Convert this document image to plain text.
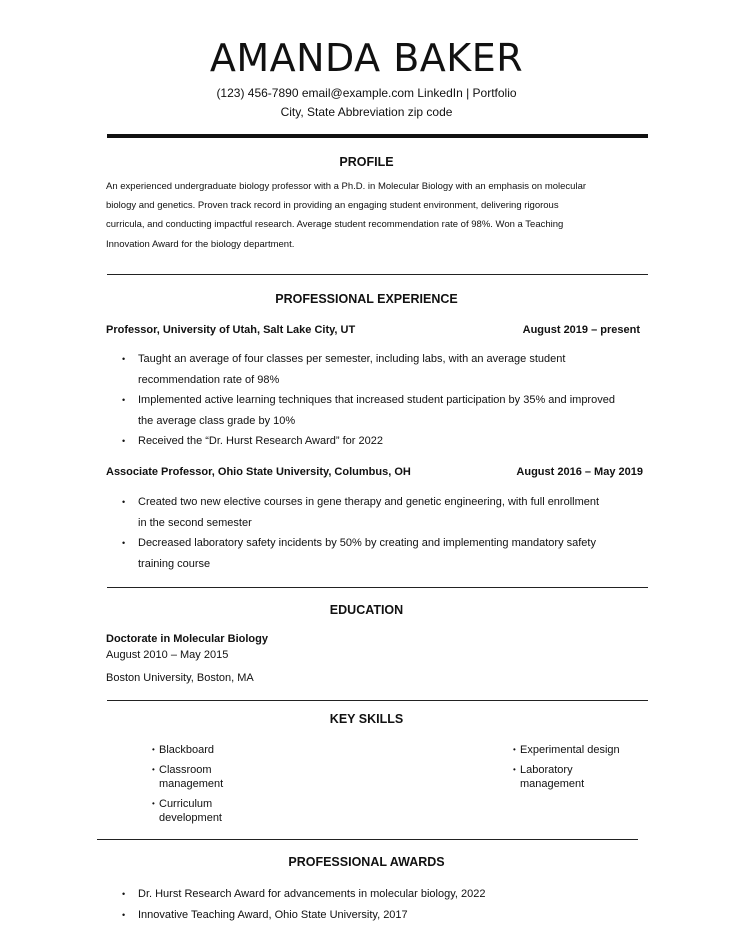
AMANDA BAKER
(123) 456-7890 email@example.com LinkedIn | Portfolio
City, State Abbreviation zip code
PROFILE
An experienced undergraduate biology professor with a Ph.D. in Molecular Biology with an emphasis on molecular
biology and genetics. Proven track record in providing an engaging student environment, delivering rigorous
curricula, and conducting impactful research. Average student recommendation rate of 98%. Won a Teaching
Innovation Award for the biology department.
PROFESSIONAL EXPERIENCE
Professor, University of Utah, Salt Lake City, UT	August 2019 – present
• Taught an average of four classes per semester, including labs, with an average student
recommendation rate of 98%
• Implemented active learning techniques that increased student participation by 35% and improved
the average class grade by 10%
• Received the “Dr. Hurst Research Award” for 2022
Associate Professor, Ohio State University, Columbus, OH	August 2016 – May 2019
• Created two new elective courses in gene therapy and genetic engineering, with full enrollment
in the second semester
• Decreased laboratory safety incidents by 50% by creating and implementing mandatory safety
training course
EDUCATION
Doctorate in Molecular Biology
August 2010 – May 2015
Boston University, Boston, MA
KEY SKILLS
• Blackboard
• Classroom
management
• Curriculum
development
• Experimental design
• Laboratory
management
PROFESSIONAL AWARDS
• Dr. Hurst Research Award for advancements in molecular biology, 2022
• Innovative Teaching Award, Ohio State University, 2017
